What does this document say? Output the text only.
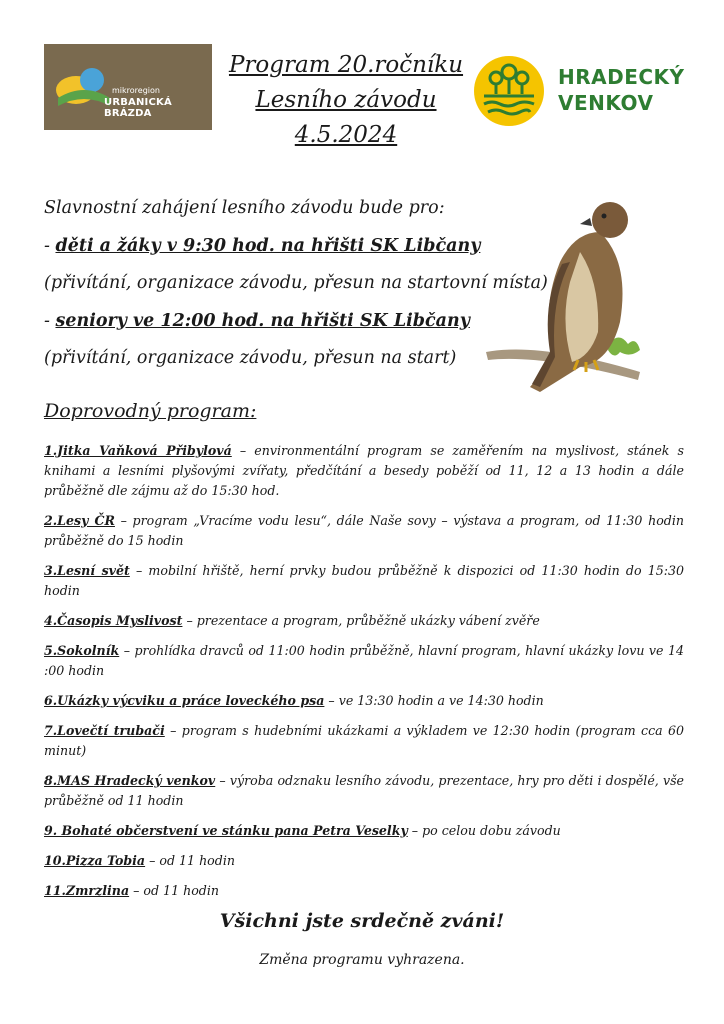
mikroregion
URBANICKÁ BRÁZDA
Program 20.ročníku
Lesního závodu
4.5.2024
HRADECKÝ
VENKOV

Slavnostní zahájení lesního závodu bude pro:

- děti a žáky v 9:30 hod. na hřišti SK Libčany

(přivítání, organizace závodu, přesun na startovní místa)

- seniory ve 12:00 hod. na hřišti SK Libčany

(přivítání, organizace závodu, přesun na start)

Doprovodný program:
1.Jitka Vaňková Přibylová – environmentální program se zaměřením na myslivost, stánek s knihami a lesními plyšovými zvířaty, předčítání a besedy poběží od 11, 12 a 13 hodin a dále průběžně dle zájmu až do 15:30 hod.
2.Lesy ČR – program „Vracíme vodu lesu“, dále Naše sovy – výstava a program, od 11:30 hodin průběžně do 15 hodin
3.Lesní svět – mobilní hřiště, herní prvky budou průběžně k dispozici od 11:30 hodin do 15:30 hodin
4.Časopis Myslivost – prezentace a program, průběžně ukázky vábení zvěře
5.Sokolník – prohlídka dravců od 11:00 hodin průběžně, hlavní program, hlavní ukázky lovu ve 14 :00 hodin
6.Ukázky výcviku a práce loveckého psa – ve 13:30 hodin a ve 14:30 hodin
7.Lovečtí trubači – program s hudebními ukázkami a výkladem ve 12:30 hodin (program cca 60 minut)
8.MAS Hradecký venkov – výroba odznaku lesního závodu, prezentace, hry pro děti i dospělé, vše průběžně od 11 hodin
9. Bohaté občerstvení ve stánku pana Petra Veselky – po celou dobu závodu
10.Pizza Tobia – od 11 hodin
11.Zmrzlina – od 11 hodin
Všichni jste srdečně zváni!
Změna programu vyhrazena.
